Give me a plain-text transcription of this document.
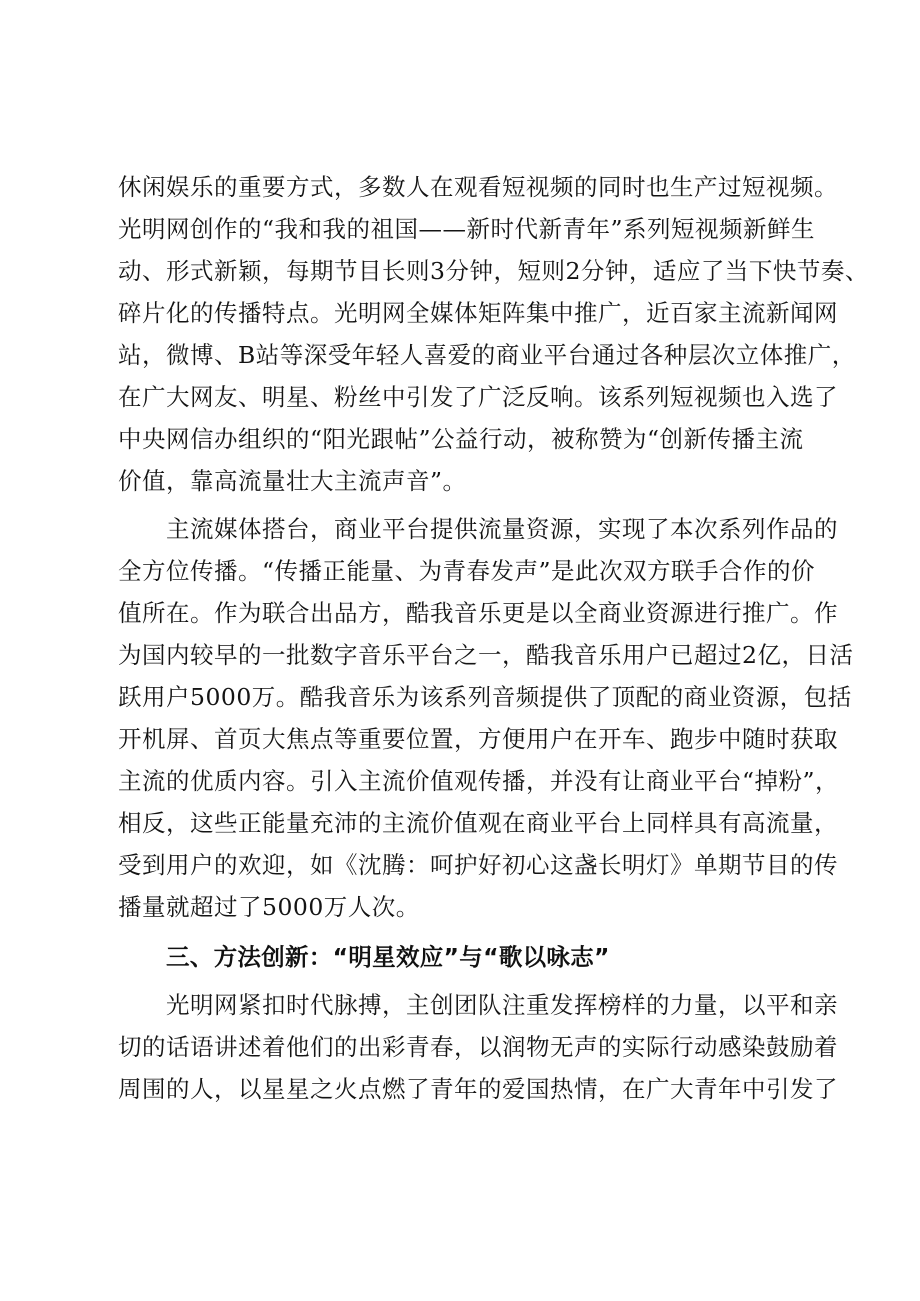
休闲娱乐的重要方式，多数人在观看短视频的同时也生产过短视频。
光明网创作的“我和我的祖国——新时代新青年”系列短视频新鲜生
动、形式新颖，每期节目长则3分钟，短则2分钟，适应了当下快节奏、
碎片化的传播特点。光明网全媒体矩阵集中推广，近百家主流新闻网
站，微博、B站等深受年轻人喜爱的商业平台通过各种层次立体推广，
在广大网友、明星、粉丝中引发了广泛反响。该系列短视频也入选了
中央网信办组织的“阳光跟帖”公益行动，被称赞为“创新传播主流
价值，靠高流量壮大主流声音”。
主流媒体搭台，商业平台提供流量资源，实现了本次系列作品的
全方位传播。“传播正能量、为青春发声”是此次双方联手合作的价
值所在。作为联合出品方，酷我音乐更是以全商业资源进行推广。作
为国内较早的一批数字音乐平台之一，酷我音乐用户已超过2亿，日活
跃用户5000万。酷我音乐为该系列音频提供了顶配的商业资源，包括
开机屏、首页大焦点等重要位置，方便用户在开车、跑步中随时获取
主流的优质内容。引入主流价值观传播，并没有让商业平台“掉粉”，
相反，这些正能量充沛的主流价值观在商业平台上同样具有高流量，
受到用户的欢迎，如《沈腾：呵护好初心这盏长明灯》单期节目的传
播量就超过了5000万人次。
三、方法创新：“明星效应”与“歌以咏志”
光明网紧扣时代脉搏，主创团队注重发挥榜样的力量，以平和亲
切的话语讲述着他们的出彩青春，以润物无声的实际行动感染鼓励着
周围的人，以星星之火点燃了青年的爱国热情，在广大青年中引发了
